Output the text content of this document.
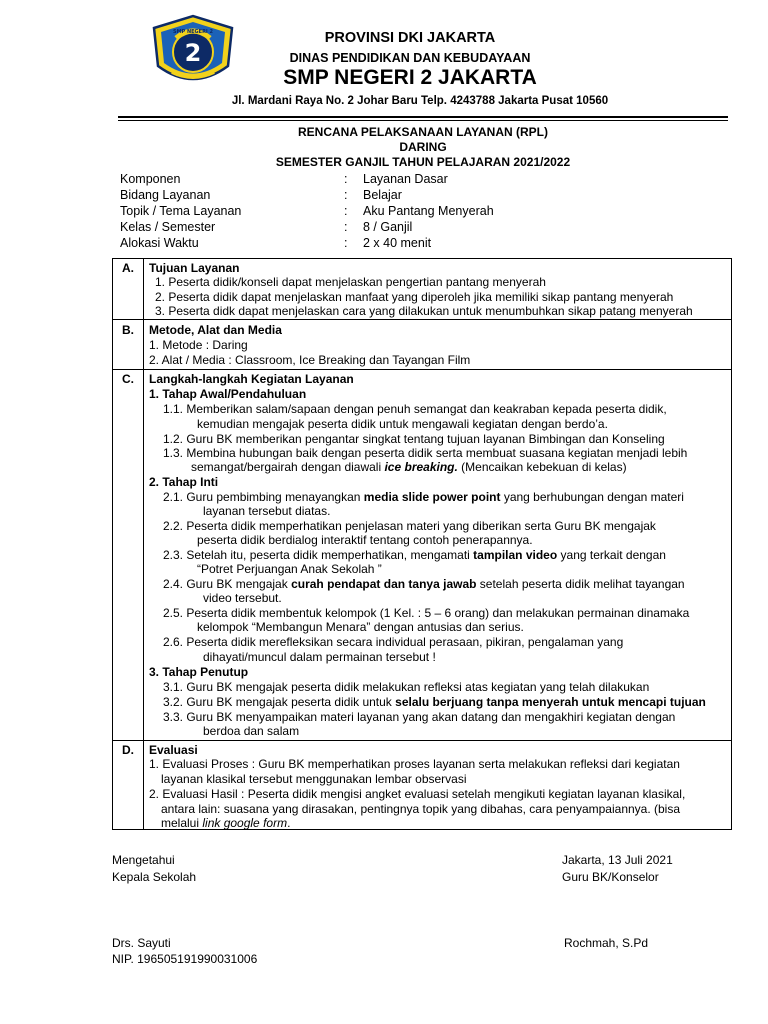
SMP NEGERI 2
2
PROVINSI DKI JAKARTA
DINAS PENDIDIKAN DAN KEBUDAYAAN
SMP NEGERI 2 JAKARTA
Jl. Mardani Raya No. 2 Johar Baru Telp. 4243788 Jakarta Pusat 10560
RENCANA PELAKSANAAN LAYANAN (RPL)
DARING
SEMESTER GANJIL TAHUN PELAJARAN 2021/2022
Komponen	: Layanan Dasar
Bidang Layanan	: Belajar
Topik / Tema Layanan	: Aku Pantang Menyerah
Kelas / Semester	: 8 / Ganjil
Alokasi Waktu	: 2 x 40 menit
A.	Tujuan Layanan
1. Peserta didik/konseli dapat menjelaskan pengertian pantang menyerah
2. Peserta didik dapat menjelaskan manfaat yang diperoleh jika memiliki sikap pantang menyerah
3. Peserta didk dapat menjelaskan cara yang dilakukan untuk menumbuhkan sikap patang menyerah
B.	Metode, Alat dan Media
1. Metode : Daring
2. Alat / Media : Classroom, Ice Breaking dan Tayangan Film
C.	Langkah-langkah Kegiatan Layanan
1. Tahap Awal/Pendahuluan
1.1. Memberikan salam/sapaan dengan penuh semangat dan keakraban kepada peserta didik,
kemudian mengajak peserta didik untuk mengawali kegiatan dengan berdo’a.
1.2. Guru BK memberikan pengantar singkat tentang tujuan layanan Bimbingan dan Konseling
1.3. Membina hubungan baik dengan peserta didik serta membuat suasana kegiatan menjadi lebih
semangat/bergairah dengan diawali ice breaking. (Mencaikan kebekuan di kelas)
2. Tahap Inti
2.1. Guru pembimbing menayangkan media slide power point yang berhubungan dengan materi
layanan tersebut diatas.
2.2. Peserta didik memperhatikan penjelasan materi yang diberikan serta Guru BK mengajak
peserta didik berdialog interaktif tentang contoh penerapannya.
2.3. Setelah itu, peserta didik memperhatikan, mengamati tampilan video yang terkait dengan
“Potret Perjuangan Anak Sekolah ”
2.4. Guru BK mengajak curah pendapat dan tanya jawab setelah peserta didik melihat tayangan
video tersebut.
2.5. Peserta didik membentuk kelompok (1 Kel. : 5 – 6 orang) dan melakukan permainan dinamaka
kelompok “Membangun Menara” dengan antusias dan serius.
2.6. Peserta didik merefleksikan secara individual perasaan, pikiran, pengalaman yang
dihayati/muncul dalam permainan tersebut !
3. Tahap Penutup
3.1. Guru BK mengajak peserta didik melakukan refleksi atas kegiatan yang telah dilakukan
3.2. Guru BK mengajak peserta didik untuk selalu berjuang tanpa menyerah untuk mencapi tujuan
3.3. Guru BK menyampaikan materi layanan yang akan datang dan mengakhiri kegiatan dengan
berdoa dan salam
D.	Evaluasi
1. Evaluasi Proses : Guru BK memperhatikan proses layanan serta melakukan refleksi dari kegiatan
layanan klasikal tersebut menggunakan lembar observasi
2. Evaluasi Hasil : Peserta didik mengisi angket evaluasi setelah mengikuti kegiatan layanan klasikal,
antara lain: suasana yang dirasakan, pentingnya topik yang dibahas, cara penyampaiannya. (bisa
melalui link google form.
Mengetahui
Kepala Sekolah
Drs. Sayuti
NIP. 196505191990031006
Jakarta, 13 Juli 2021
Guru BK/Konselor
Rochmah, S.Pd
